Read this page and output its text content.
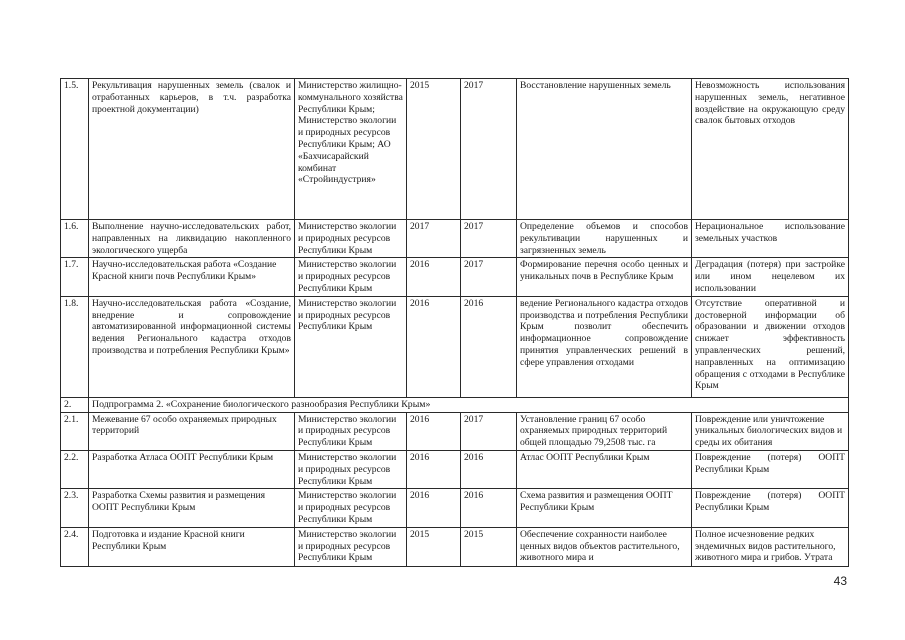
1.5.	Рекультивация нарушенных земель (свалок и отработанных карьеров, в т.ч. разработка проектной документации)	Министерство жилищно-коммунального хозяйства Республики Крым; Министерство экологии и природных ресурсов Республики Крым; АО «Бахчисарайский комбинат «Стройиндустрия»	2015	2017	Восстановление нарушенных земель	Невозможность использования нарушенных земель, негативное воздействие на окружающую среду свалок бытовых отходов
1.6.	Выполнение научно-исследовательских работ, направленных на ликвидацию накопленного экологического ущерба	Министерство экологии и природных ресурсов Республики Крым	2017	2017	Определение объемов и способов рекультивации нарушенных и загрязненных земель	Нерациональное использование земельных участков
1.7.	Научно-исследовательская работа «Создание Красной книги почв Республики Крым»	Министерство экологии и природных ресурсов Республики Крым	2016	2017	Формирование перечня особо ценных и уникальных почв в Республике Крым	Деградация (потеря) при застройке или ином нецелевом их использовании
1.8.	Научно-исследовательская работа «Создание, внедрение и сопровождение автоматизированной информационной системы ведения Регионального кадастра отходов производства и потребления Республики Крым»	Министерство экологии и природных ресурсов Республики Крым	2016	2016	ведение Регионального кадастра отходов производства и потребления Республики Крым позволит обеспечить информационное сопровождение принятия управленческих решений в сфере управления отходами	Отсутствие оперативной и достоверной информации об образовании и движении отходов снижает эффективность управленческих решений, направленных на оптимизацию обращения с отходами в Республике Крым
2.	Подпрограмма 2. «Сохранение биологического разнообразия Республики Крым»					
2.1.	Межевание 67 особо охраняемых природных территорий	Министерство экологии и природных ресурсов Республики Крым	2016	2017	Установление границ 67 особо охраняемых природных территорий общей площадью 79,2508 тыс. га	Повреждение или уничтожение уникальных биологических видов и среды их обитания
2.2.	Разработка Атласа ООПТ Республики Крым	Министерство экологии и природных ресурсов Республики Крым	2016	2016	Атлас ООПТ Республики Крым	Повреждение (потеря) ООПТ Республики Крым
2.3.	Разработка Схемы развития и размещения ООПТ Республики Крым	Министерство экологии и природных ресурсов Республики Крым	2016	2016	Схема развития и размещения ООПТ Республики Крым	Повреждение (потеря) ООПТ Республики Крым
2.4.	Подготовка и издание Красной книги Республики Крым	Министерство экологии и природных ресурсов Республики Крым	2015	2015	Обеспечение сохранности наиболее ценных видов объектов растительного, животного мира и	Полное исчезновение редких эндемичных видов растительного, животного мира и грибов. Утрата
43
